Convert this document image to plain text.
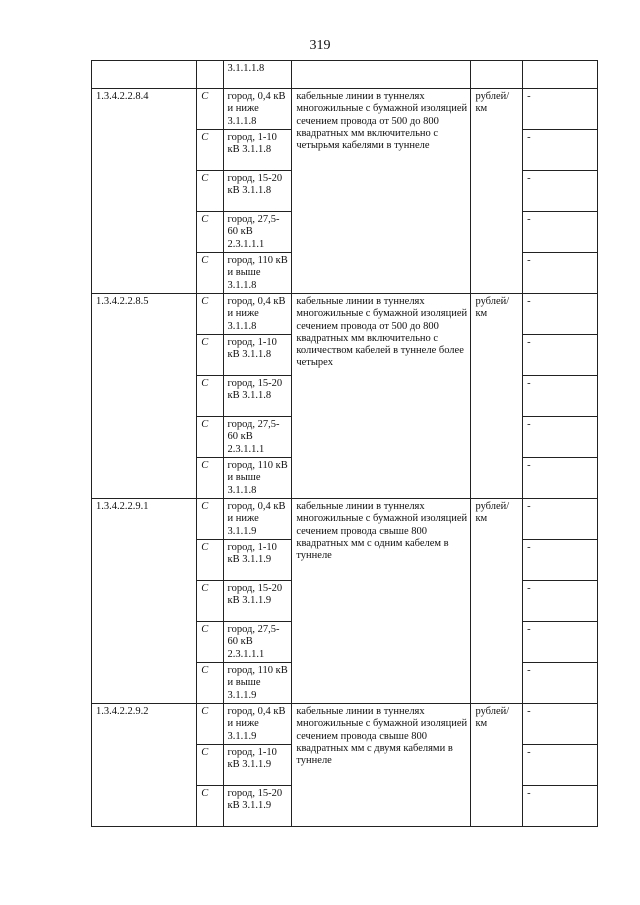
319
		3.1.1.1.8			
1.3.4.2.2.8.4	С	город, 0,4 кВ и ниже 3.1.1.8	кабельные линии в туннелях многожильные с бумажной изоляцией сечением провода от 500 до 800 квадратных мм включительно с четырьмя кабелями в туннеле	рублей/ км	-
	С	город, 1-10 кВ 3.1.1.8			-
	С	город, 15-20 кВ 3.1.1.8			-
	С	город, 27,5-60 кВ 2.3.1.1.1			-
	С	город, 110 кВ и выше 3.1.1.8			-
1.3.4.2.2.8.5	С	город, 0,4 кВ и ниже 3.1.1.8	кабельные линии в туннелях многожильные с бумажной изоляцией сечением провода от 500 до 800 квадратных мм включительно с количеством кабелей в туннеле более четырех	рублей/ км	-
	С	город, 1-10 кВ 3.1.1.8			-
	С	город, 15-20 кВ 3.1.1.8			-
	С	город, 27,5-60 кВ 2.3.1.1.1			-
	С	город, 110 кВ и выше 3.1.1.8			-
1.3.4.2.2.9.1	С	город, 0,4 кВ и ниже 3.1.1.9	кабельные линии в туннелях многожильные с бумажной изоляцией сечением провода свыше 800 квадратных мм с одним кабелем в туннеле	рублей/ км	-
	С	город, 1-10 кВ 3.1.1.9			-
	С	город, 15-20 кВ 3.1.1.9			-
	С	город, 27,5-60 кВ 2.3.1.1.1			-
	С	город, 110 кВ и выше 3.1.1.9			-
1.3.4.2.2.9.2	С	город, 0,4 кВ и ниже 3.1.1.9	кабельные линии в туннелях многожильные с бумажной изоляцией сечением провода свыше 800 квадратных мм с двумя кабелями в туннеле	рублей/ км	-
	С	город, 1-10 кВ 3.1.1.9			-
	С	город, 15-20 кВ 3.1.1.9			-
